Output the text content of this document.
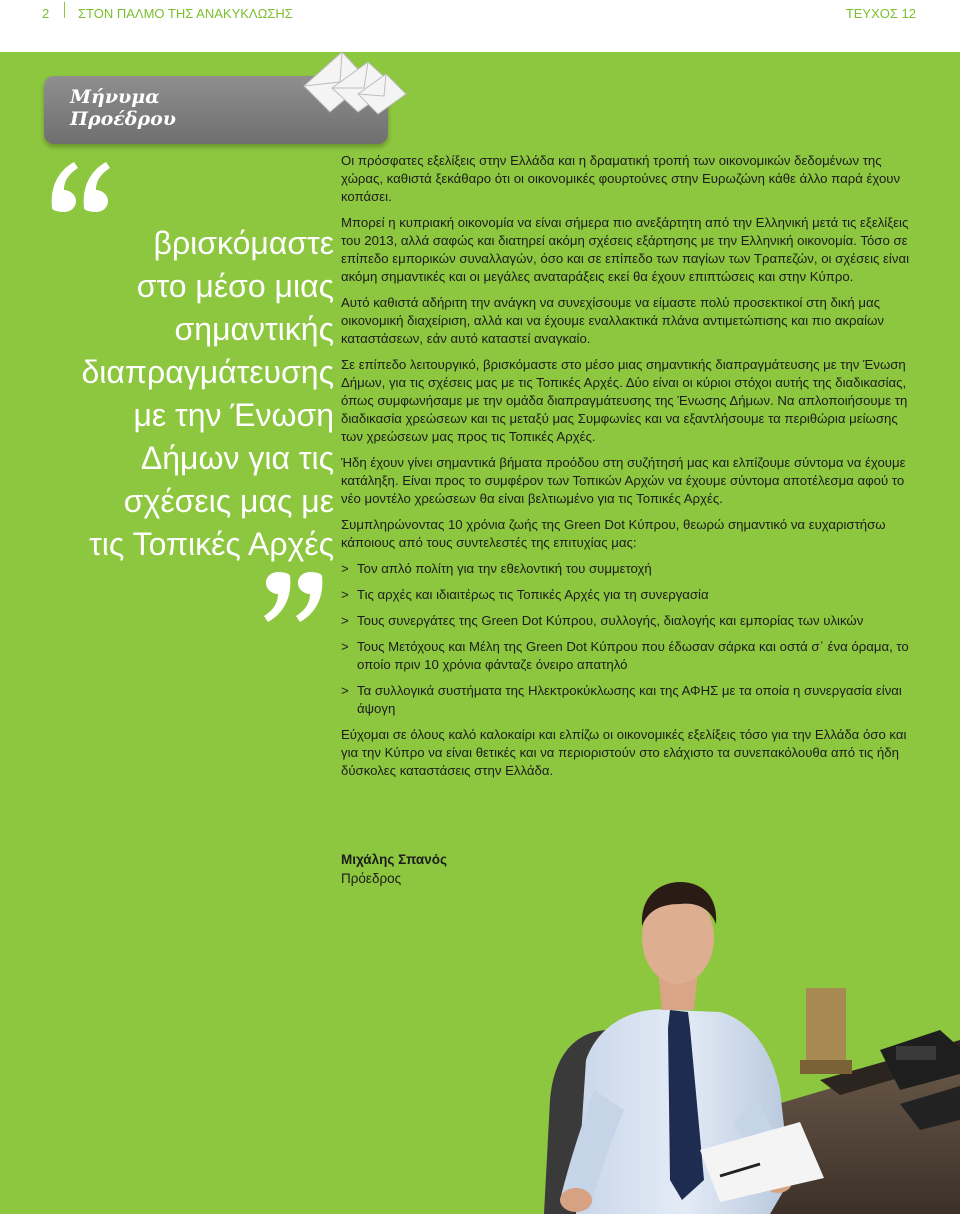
2 ΣΤΟΝ ΠΑΛΜΟ ΤΗΣ ΑΝΑΚΥΚΛΩΣΗΣ	ΤΕΥΧΟΣ 12
Μήνυμα
Προέδρου
βρισκόμαστε
στο μέσο μιας
σημαντικής
διαπραγμάτευσης
με την Ένωση
Δήμων για τις
σχέσεις μας με
τις Τοπικές Αρχές

Οι πρόσφατες εξελίξεις στην Ελλάδα και η δραματική τροπή των οικονομικών δεδομένων της χώρας, καθιστά ξεκάθαρο ότι οι οικονομικές φουρτούνες στην Ευρωζώνη κάθε άλλο παρά έχουν κοπάσει.

Μπορεί η κυπριακή οικονομία να είναι σήμερα πιο ανεξάρτητη από την Ελληνική μετά τις εξελίξεις του 2013, αλλά σαφώς και διατηρεί ακόμη σχέσεις εξάρτησης με την Ελληνική οικονομία. Τόσο σε επίπεδο εμπορικών συναλλαγών, όσο και σε επίπεδο των παγίων των Τραπεζών, οι σχέσεις είναι ακόμη σημαντικές και οι μεγάλες αναταράξεις εκεί θα έχουν επιπτώσεις και στην Κύπρο.

Αυτό καθιστά αδήριτη την ανάγκη να συνεχίσουμε να είμαστε πολύ προσεκτικοί στη δική μας οικονομική διαχείριση, αλλά και να έχουμε εναλλακτικά πλάνα αντιμετώπισης και πιο ακραίων καταστάσεων, εάν αυτό καταστεί αναγκαίο.

Σε επίπεδο λειτουργικό, βρισκόμαστε στο μέσο μιας σημαντικής διαπραγμάτευσης με την Ένωση Δήμων, για τις σχέσεις μας με τις Τοπικές Αρχές. Δύο είναι οι κύριοι στόχοι αυτής της διαδικασίας, όπως συμφωνήσαμε με την ομάδα διαπραγμάτευσης της Ένωσης Δήμων. Να απλοποιήσουμε τη διαδικασία χρεώσεων και τις μεταξύ μας Συμφωνίες και να εξαντλήσουμε τα περιθώρια μείωσης των χρεώσεων μας προς τις Τοπικές Αρχές.

Ήδη έχουν γίνει σημαντικά βήματα προόδου στη συζήτησή μας και ελπίζουμε σύντομα να έχουμε κατάληξη. Είναι προς το συμφέρον των Τοπικών Αρχών να έχουμε σύντομα αποτέλεσμα αφού το νέο μοντέλο χρεώσεων θα είναι βελτιωμένο για τις Τοπικές Αρχές.

Συμπληρώνοντας 10 χρόνια ζωής της Green Dot Κύπρου, θεωρώ σημαντικό να ευχαριστήσω κάποιους από τους συντελεστές της επιτυχίας μας:

> Τον απλό πολίτη για την εθελοντική του συμμετοχή
> Τις αρχές και ιδιαιτέρως τις Τοπικές Αρχές για τη συνεργασία
> Τους συνεργάτες της Green Dot Κύπρου, συλλογής, διαλογής και εμπορίας των υλικών
> Τους Μετόχους και Μέλη της Green Dot Κύπρου που έδωσαν σάρκα και οστά σ΄ ένα όραμα, το οποίο πριν 10 χρόνια φάνταζε όνειρο απατηλό
> Τα συλλογικά συστήματα της Ηλεκτροκύκλωσης και της ΑΦΗΣ με τα οποία η συνεργασία είναι άψογη

Εύχομαι σε όλους καλό καλοκαίρι και ελπίζω οι οικονομικές εξελίξεις τόσο για την Ελλάδα όσο και για την Κύπρο να είναι θετικές και να περιοριστούν στο ελάχιστο τα συνεπακόλουθα από τις ήδη δύσκολες καταστάσεις στην Ελλάδα.

Μιχάλης Σπανός
Πρόεδρος
